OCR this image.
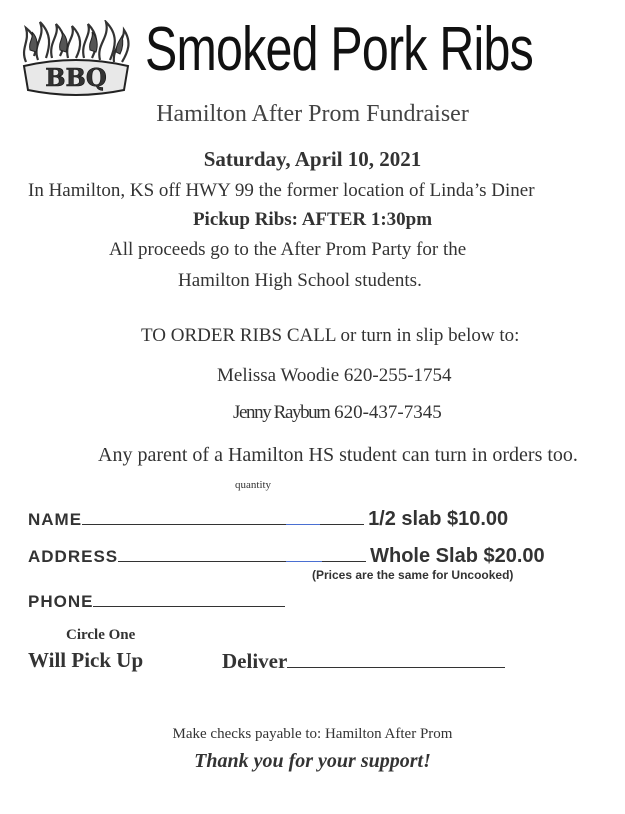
BBQ Smoked Pork Ribs
Hamilton After Prom Fundraiser
Saturday, April 10, 2021
In Hamilton, KS off HWY 99 the former location of Linda’s Diner
Pickup Ribs: AFTER 1:30pm
All proceeds go to the After Prom Party for the
Hamilton High School students.
TO ORDER RIBS CALL or turn in slip below to:
Melissa Woodie 620-255-1754
Jenny Rayburn 620-437-7345
Any parent of a Hamilton HS student can turn in orders too.
quantity
NAME	1/2 slab $10.00
ADDRESS	Whole Slab $20.00
(Prices are the same for Uncooked)
PHONE
Circle One
Will Pick Up	Deliver
Make checks payable to: Hamilton After Prom
Thank you for your support!
